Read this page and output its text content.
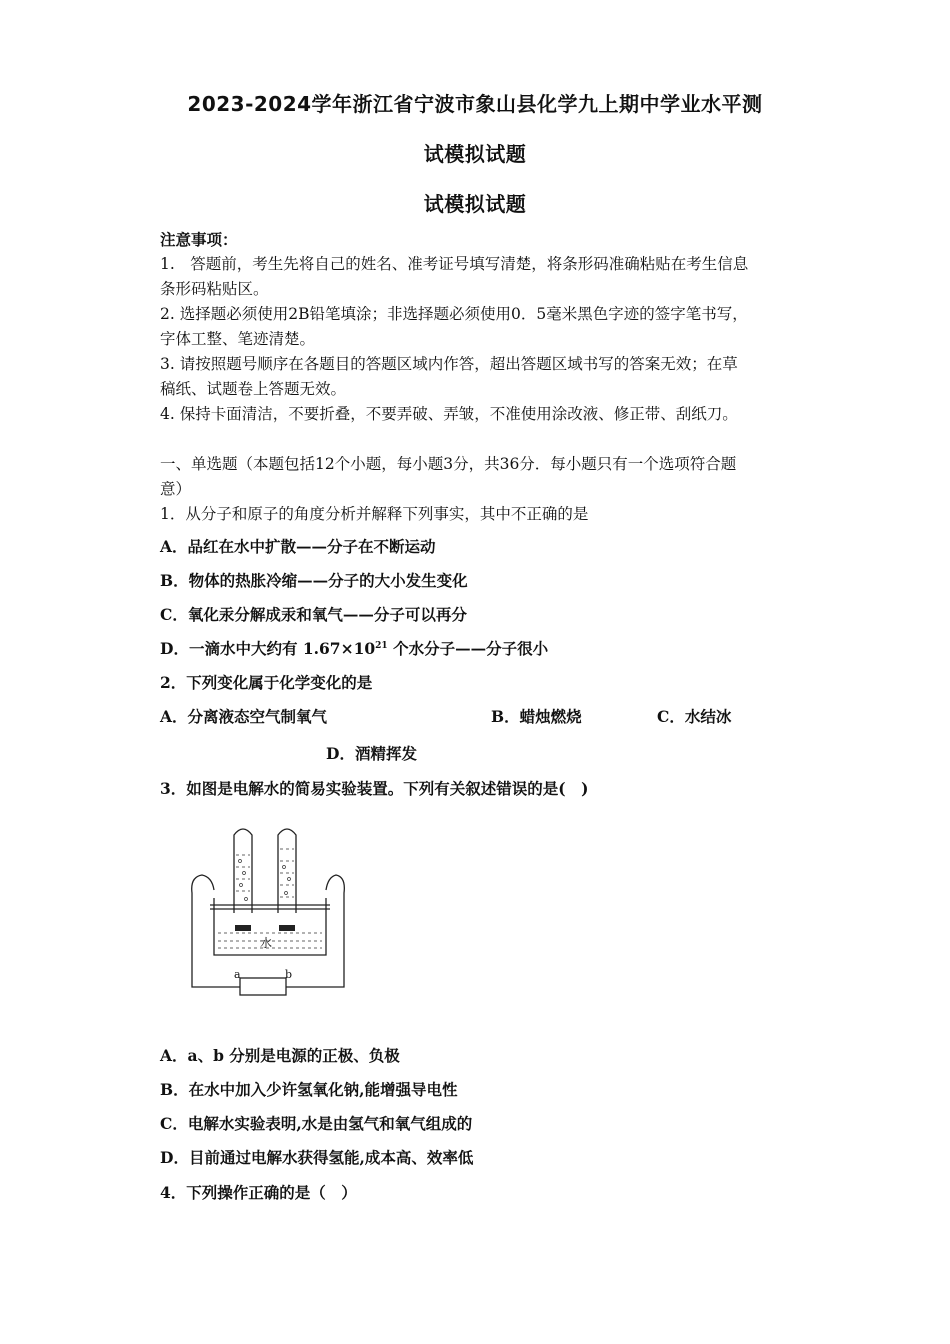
2023-2024学年浙江省宁波市象山县化学九上期中学业水平测
试模拟试题
试模拟试题
注意事项：
1.　答题前，考生先将自己的姓名、准考证号填写清楚，将条形码准确粘贴在考生信息
条形码粘贴区。
2. 选择题必须使用2B铅笔填涂；非选择题必须使用0．5毫米黑色字迹的签字笔书写，
字体工整、笔迹清楚。
3. 请按照题号顺序在各题目的答题区域内作答，超出答题区域书写的答案无效；在草
稿纸、试题卷上答题无效。
4. 保持卡面清洁，不要折叠，不要弄破、弄皱，不准使用涂改液、修正带、刮纸刀。
一、单选题（本题包括12个小题，每小题3分，共36分．每小题只有一个选项符合题
意）
1．从分子和原子的角度分析并解释下列事实，其中不正确的是
A．品红在水中扩散——分子在不断运动
B．物体的热胀冷缩——分子的大小发生变化
C．氧化汞分解成汞和氧气——分子可以再分
D．一滴水中大约有 $1.67\times 10^{21}$ 个水分子——分子很小
2．下列变化属于化学变化的是
A．分离液态空气制氧气	B．蜡烛燃烧	C．水结冰
D．酒精挥发
3．如图是电解水的简易实验装置。下列有关叙述错误的是(　)
水
a	b
A．a、b 分别是电源的正极、负极
B．在水中加入少许氢氧化钠,能增强导电性
C．电解水实验表明,水是由氢气和氧气组成的
D．目前通过电解水获得氢能,成本高、效率低
4．下列操作正确的是（　）
